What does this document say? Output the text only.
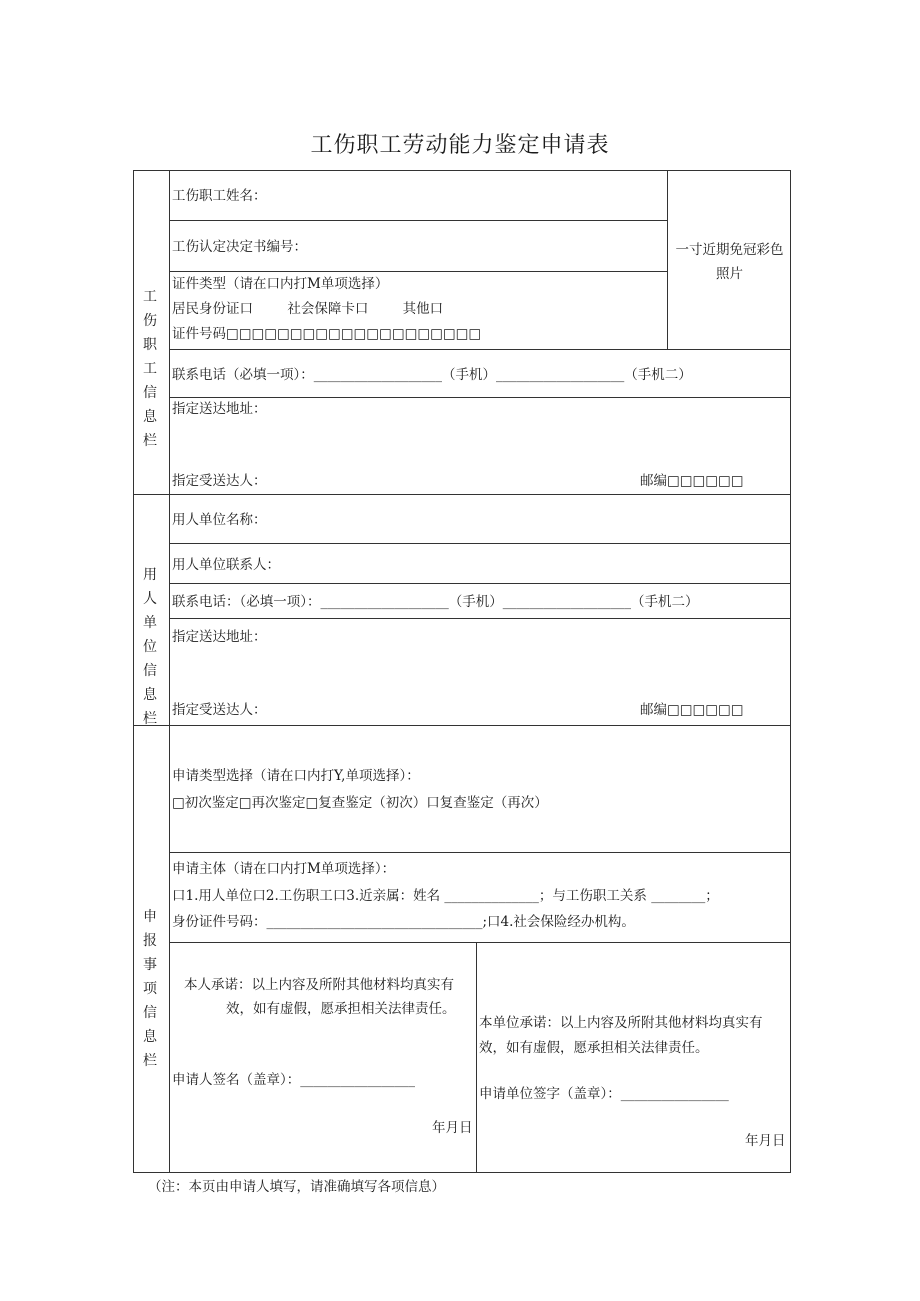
工伤职工劳动能力鉴定申请表
工伤职工信息栏
工伤职工姓名：
工伤认定决定书编号：
证件类型（请在口内打M单项选择）
居民身份证口        社会保障卡口        其他口
证件号码□□□□□□□□□□□□□□□□□□□□
一寸近期免冠彩色照片
联系电话（必填一项）：___________________（手机）___________________（手机二）
指定送达地址：
指定受送达人：	邮编□□□□□□
用人单位信息栏
用人单位名称：
用人单位联系人：
联系电话：（必填一项）：___________________（手机）___________________（手机二）
指定送达地址：
指定受送达人：	邮编□□□□□□
申报事项信息栏
申请类型选择（请在口内打Y,单项选择）：
□初次鉴定□再次鉴定□复查鉴定（初次）口复查鉴定（再次）
申请主体（请在口内打M单项选择）：
口1.用人单位口2.工伤职工口3.近亲属：姓名 ______________；与工伤职工关系 ________；
身份证件号码：________________________________;口4.社会保险经办机构。
本人承诺：以上内容及所附其他材料均真实有
效，如有虚假，愿承担相关法律责任。
申请人签名（盖章）：_________________
年月日
本单位承诺：以上内容及所附其他材料均真实有
效，如有虚假，愿承担相关法律责任。
申请单位签字（盖章）：________________
年月日
（注：本页由申请人填写，请准确填写各项信息）
